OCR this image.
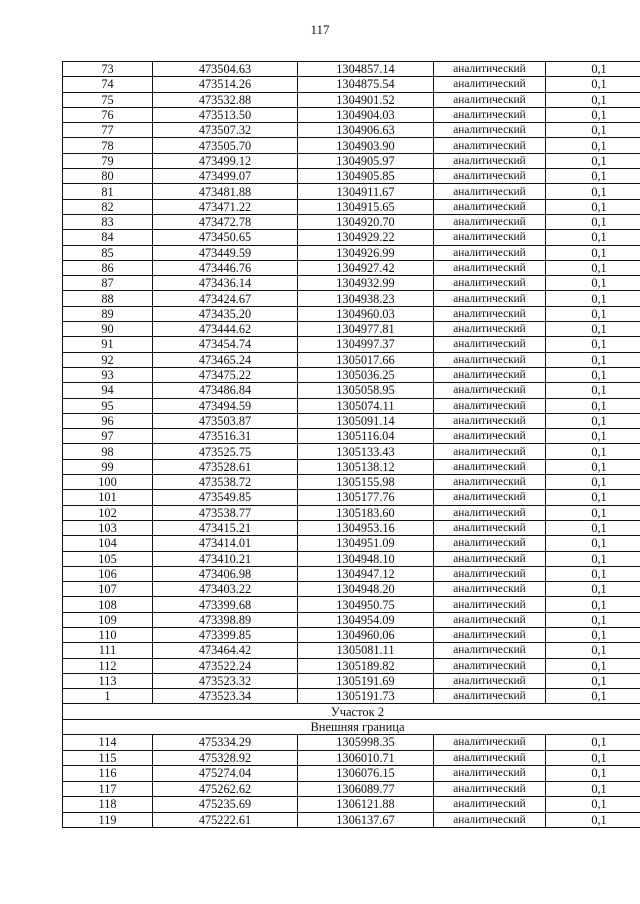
117
73	473504.63	1304857.14	аналитический	0,1
74	473514.26	1304875.54	аналитический	0,1
75	473532.88	1304901.52	аналитический	0,1
76	473513.50	1304904.03	аналитический	0,1
77	473507.32	1304906.63	аналитический	0,1
78	473505.70	1304903.90	аналитический	0,1
79	473499.12	1304905.97	аналитический	0,1
80	473499.07	1304905.85	аналитический	0,1
81	473481.88	1304911.67	аналитический	0,1
82	473471.22	1304915.65	аналитический	0,1
83	473472.78	1304920.70	аналитический	0,1
84	473450.65	1304929.22	аналитический	0,1
85	473449.59	1304926.99	аналитический	0,1
86	473446.76	1304927.42	аналитический	0,1
87	473436.14	1304932.99	аналитический	0,1
88	473424.67	1304938.23	аналитический	0,1
89	473435.20	1304960.03	аналитический	0,1
90	473444.62	1304977.81	аналитический	0,1
91	473454.74	1304997.37	аналитический	0,1
92	473465.24	1305017.66	аналитический	0,1
93	473475.22	1305036.25	аналитический	0,1
94	473486.84	1305058.95	аналитический	0,1
95	473494.59	1305074.11	аналитический	0,1
96	473503.87	1305091.14	аналитический	0,1
97	473516.31	1305116.04	аналитический	0,1
98	473525.75	1305133.43	аналитический	0,1
99	473528.61	1305138.12	аналитический	0,1
100	473538.72	1305155.98	аналитический	0,1
101	473549.85	1305177.76	аналитический	0,1
102	473538.77	1305183.60	аналитический	0,1
103	473415.21	1304953.16	аналитический	0,1
104	473414.01	1304951.09	аналитический	0,1
105	473410.21	1304948.10	аналитический	0,1
106	473406.98	1304947.12	аналитический	0,1
107	473403.22	1304948.20	аналитический	0,1
108	473399.68	1304950.75	аналитический	0,1
109	473398.89	1304954.09	аналитический	0,1
110	473399.85	1304960.06	аналитический	0,1
111	473464.42	1305081.11	аналитический	0,1
112	473522.24	1305189.82	аналитический	0,1
113	473523.32	1305191.69	аналитический	0,1
1	473523.34	1305191.73	аналитический	0,1
Участок 2				
Внешняя граница				
114	475334.29	1305998.35	аналитический	0,1
115	475328.92	1306010.71	аналитический	0,1
116	475274.04	1306076.15	аналитический	0,1
117	475262.62	1306089.77	аналитический	0,1
118	475235.69	1306121.88	аналитический	0,1
119	475222.61	1306137.67	аналитический	0,1
